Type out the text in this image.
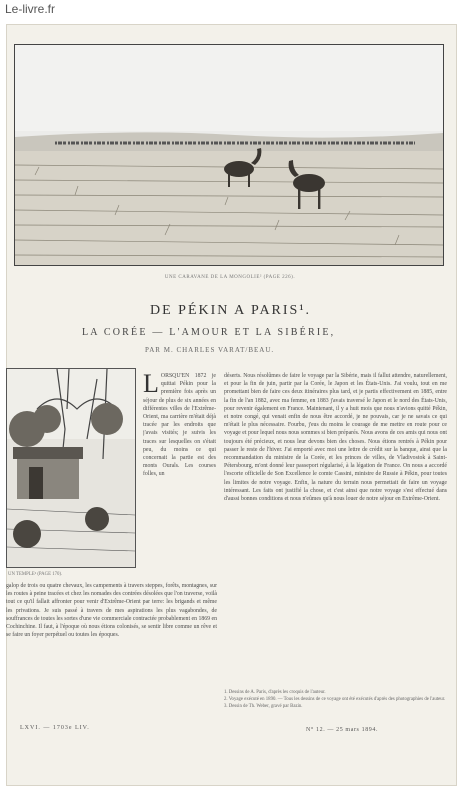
Le-livre.fr
UNE CARAVANE DE LA MONGOLIE² (PAGE 226).
DE PÉKIN A PARIS¹.
LA CORÉE — L'AMOUR ET LA SIBÉRIE,
PAR M. CHARLES VARAT/BEAU.
UN TEMPLE³ (PAGE 170).
LORSQU'EN 1872 je quittai Pékin pour la première fois après un séjour de plus de six années en différentes villes de l'Extrême-Orient, ma carrière m'était déjà tracée par les endroits que j'avais visités; je suivis les traces sur lesquelles on s'était peu, du moins ce qui concernait la partie est des monts Ourals. Les courses folles, un
galop de trois ou quatre chevaux, les campements à travers steppes, forêts, montagnes, sur les routes à peine tracées et chez les nomades des contrées désolées que l'on traverse, voilà tout ce qu'il fallait affronter pour venir d'Extrême-Orient par terre: les brigands et même les privations. Je suis passé à travers de mes aspirations les plus vagabondes, de souffrances de toutes les sortes d'une vie commerciale contractée probablement en 1869 en Cochinchine. Il faut, à l'époque où nous étions colonisés, se sentir libre comme un rêve et se faire un foyer perpétuel ou toutes les époques.
déserts. Nous résolûmes de faire le voyage par la Sibérie, mais il fallut attendre, naturellement, et pour la fin de juin, partir par la Corée, le Japon et les États-Unis. J'ai voulu, tout en me promettant bien de faire ces deux itinéraires plus tard, et je partis effectivement en 1885, entre la fin de l'an 1882, avec ma femme, en 1883 j'avais traversé le Japon et le nord des États-Unis, pour revenir également en France. Maintenant, il y a huit mois que nous n'avions quitté Pékin, et notre congé, qui venait enfin de nous être accordé, je ne pouvais, car je ne savais ce qui m'était le plus nécessaire. Fourbu, j'eus du moins le courage de me mettre en route pour ce voyage et pour lequel nous nous sommes si bien préparés. Nous avons de ces amis qui nous ont toujours été précieux, et nous leur devons bien des choses. Nous étions rentrés à Pékin pour passer le reste de l'hiver. J'ai emporté avec moi une lettre de crédit sur la banque, ainsi que la recommandation du ministre de la Corée, et les princes de villes, de Vladivostok à Saint-Pétersbourg, m'ont donné leur passeport régularisé, à la légation de France. On nous a accordé l'escorte officielle de Son Excellence le comte Cassini, ministre de Russie à Pékin, pour toutes les limites de notre voyage. Enfin, la nature du terrain nous permettait de faire un voyage intéressant. Les faits ont justifié la chose, et c'est ainsi que notre voyage s'est effectué dans d'aussi bonnes conditions et nous n'eûmes qu'à nous louer de notre séjour en Extrême-Orient.
1. Dessins de A. Paris, d'après les croquis de l'auteur.
2. Voyage exécuté en 1890. — Tous les dessins de ce voyage ont été exécutés d'après des photographies de l'auteur.
3. Dessin de Th. Weber, gravé par Bazin.
LXVI. — 1703e LIV.	N° 12. — 25 mars 1894.
